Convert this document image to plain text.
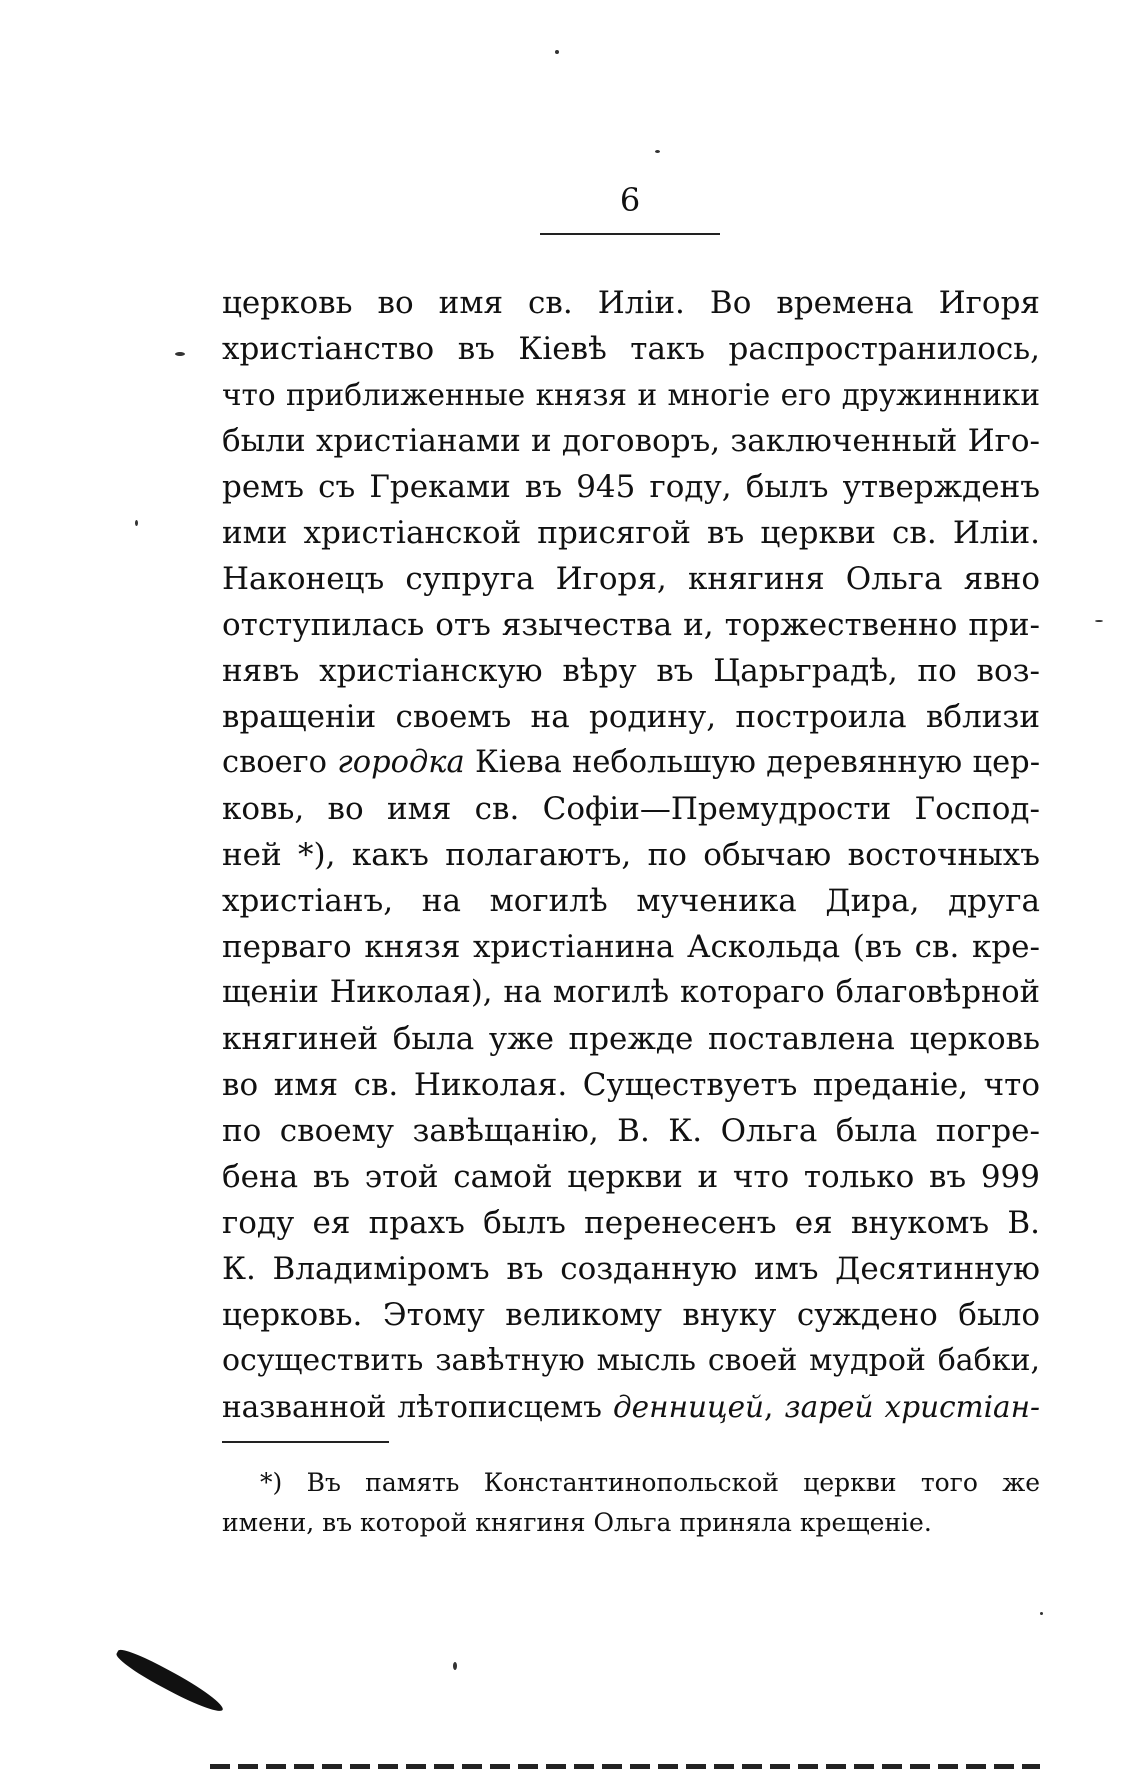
6
церковь во имя св. Иліи. Во времена Игоря
христіанство въ Кіевѣ такъ распространилось,
что приближенные князя и многіе его дружинники
были христіанами и договоръ, заключенный Иго-
ремъ съ Греками въ 945 году, былъ утвержденъ
ими христіанской присягой въ церкви св. Иліи.
Наконецъ супруга Игоря, княгиня Ольга явно
отступилась отъ язычества и, торжественно при-
нявъ христіанскую вѣру въ Царьградѣ, по воз-
вращеніи своемъ на родину, построила вблизи
своего городка Кіева небольшую деревянную цер-
ковь, во имя св. Софіи—Премудрости Господ-
ней *), какъ полагаютъ, по обычаю восточныхъ
христіанъ, на могилѣ мученика Дира, друга
перваго князя христіанина Аскольда (въ св. кре-
щеніи Николая), на могилѣ котораго благовѣрной
княгиней была уже прежде поставлена церковь
во имя св. Николая. Существуетъ преданіе, что
по своему завѣщанію, В. К. Ольга была погре-
бена въ этой самой церкви и что только въ 999
году ея прахъ былъ перенесенъ ея внукомъ В.
К. Владиміромъ въ созданную имъ Десятинную
церковь. Этому великому внуку суждено было
осуществить завѣтную мысль своей мудрой бабки,
названной лѣтописцемъ денницей, зарей христіан-
*) Въ память Константинопольской церкви того же
имени, въ которой княгиня Ольга приняла крещеніе.
